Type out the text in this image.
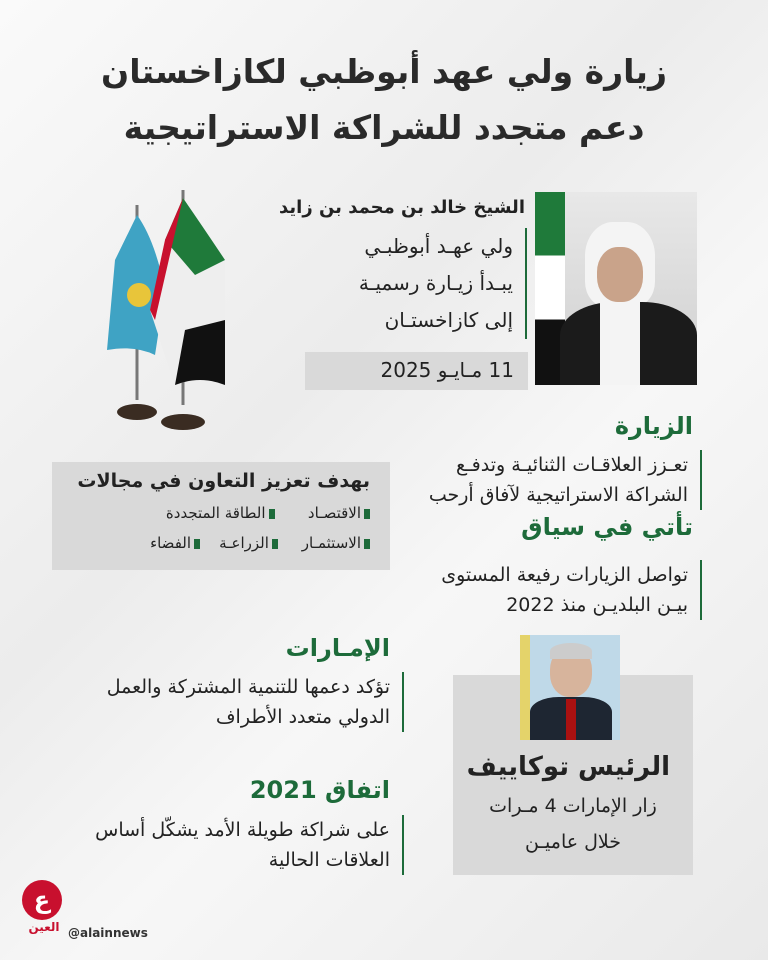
زيارة ولي عهد أبوظبي لكازاخستان
دعم متجدد للشراكة الاستراتيجية
الشيخ خالد بن محمد بن زايد
ولي عهـد أبوظبـي
يبـدأ زيـارة رسميـة
إلى كازاخستـان
11 مـايـو 2025
الزيارة
تعـزز العلاقـات الثنائيـة وتدفـع
الشراكة الاستراتيجية لآفاق أرحب
بهدف تعزيز التعاون في مجالات
الاقتصـاد       الطاقة المتجددة
الاستثمـار     الزراعـة    الفضاء
تأتي في سياق
تواصل الزيارات رفيعة المستوى
بيـن البلديـن منذ 2022
الإمـارات
تؤكد دعمها للتنمية المشتركة والعمل
الدولي متعدد الأطراف
اتفاق 2021
على شراكة طويلة الأمد يشكّل أساس
العلاقات الحالية
الرئيس توكاييف
زار الإمارات 4 مـرات
خلال عاميـن
ع
العين @alainnews
